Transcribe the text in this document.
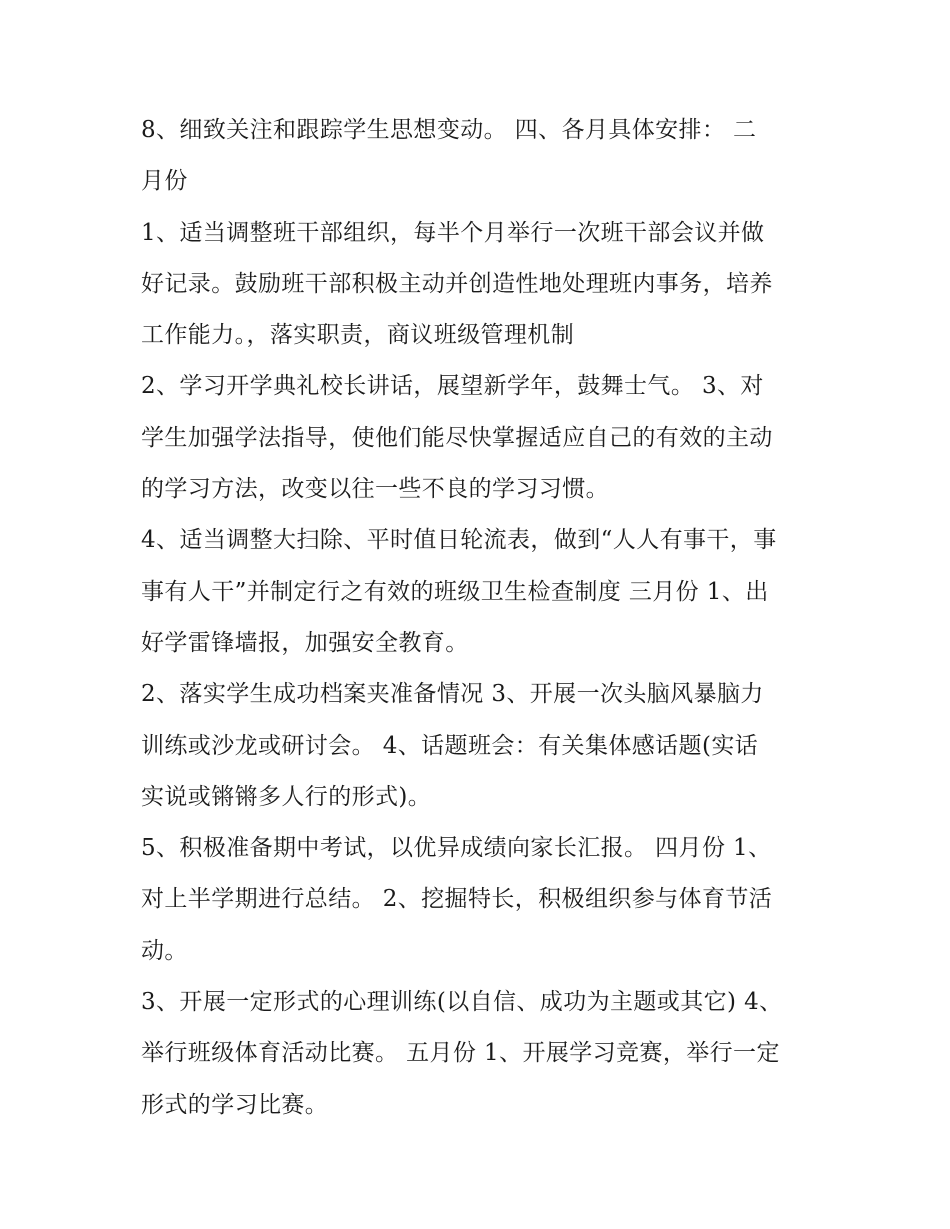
8、细致关注和跟踪学生思想变动。 四、各月具体安排： 二
月份
1、适当调整班干部组织，每半个月举行一次班干部会议并做
好记录。鼓励班干部积极主动并创造性地处理班内事务，培养
工作能力。，落实职责，商议班级管理机制
2、学习开学典礼校长讲话，展望新学年，鼓舞士气。 3、对
学生加强学法指导，使他们能尽快掌握适应自己的有效的主动
的学习方法，改变以往一些不良的学习习惯。
4、适当调整大扫除、平时值日轮流表，做到“人人有事干，事
事有人干”并制定行之有效的班级卫生检查制度 三月份 1、出
好学雷锋墙报，加强安全教育。
2、落实学生成功档案夹准备情况 3、开展一次头脑风暴脑力
训练或沙龙或研讨会。 4、话题班会：有关集体感话题(实话
实说或锵锵多人行的形式)。
5、积极准备期中考试，以优异成绩向家长汇报。 四月份 1、
对上半学期进行总结。 2、挖掘特长，积极组织参与体育节活
动。
3、开展一定形式的心理训练(以自信、成功为主题或其它) 4、
举行班级体育活动比赛。 五月份 1、开展学习竞赛，举行一定
形式的学习比赛。
